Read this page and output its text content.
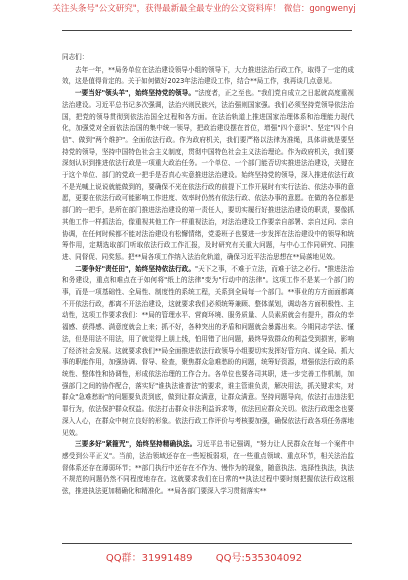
关注头条号"公文研究"，获得最新最全最专业的公文资料库！ 微信：gongwenyj

同志们：

去年一年，**局务单位在法治建设领导小组的领导下，大力推进法治行政工作，取得了一定的成效，这是值得肯定的。关于如何做好2023年法治建设工作，结合**局工作，我再谈几点意见。

一要当好"领头羊"，始终坚持党的领导。"法度者，正之至也。"我们党自成立之日起就高度重视法治建设。习近平总书记多次强调，法治兴则民族兴，法治强则国家强。我们必须坚持党领导依法治国，把党的领导贯彻到依法治国全过程和各方面。在法治轨道上推进国家治理体系和治理能力现代化，加强党对全面依法治国的集中统一领导，把政治建设摆在首位，增强"四个意识"、坚定"四个自信"、做到"两个维护"。全面依法行政。作为政府机关，我们要严格以法律为准绳，具体讲就是要坚持党的领导，坚持中国特色社会主义制度，贯彻中国特色社会主义法治理论。作为政府机关，我们要深刻认识到推进依法行政是一项重大政治任务。一个单位、一个部门能否切实推进法治建设，关键在于这个单位、部门的党政一把手是否真心实意推进法治建设。始终坚持党的领导，深入推进依法行政不是光喊上说说就能做到的，要确保不光在依法行政的前提下工作开展时有实行法治、依法办事的意愿，更要在依法行政可能影响工作进度、效率时仍然有依法行政、依法办事的意愿。在做的各位都是部门的一把手，是所在部门推进法治建设的第一责任人，要切实履行好推进法治建设的职责，要像抓其他工作一样抓法治，像重视其他工作一样重视法治，对法治建设工作要亲自部署、亲自过问、亲自协调，在任何时候都不能对法治建设有松懈情绪，党委班子也要进一步发挥在法治建设中的领导和统筹作用，定期选取部门听取依法行政工作汇报，及时研究有关重大问题，与中心工作同研究、同推进、同督促、同奖惩。把**局各项工作纳入法治化轨道，确保习近平法治思想在**局落地见效。

二要争好"责任田"，始终坚持依法行政。"天下之事，不难于立法，而难于法之必行。"推进法治和务建设，重点和难点在于如何将"纸上的法律"变为"行动中的法律"。这项工作不是某一个部门的事，而是一项基础性、全局性、制度性的系统工程，关系到全局每一个部门。**事业的方方面面都离不开依法行政，都离不开法治建设，这就要求我们必须统筹兼顾、整体谋划，调动各方面积极性、主动性，这项工作要求我们：**局的管理水平、营商环境、服务质量、人员素质就会有提升，群众的幸福感、获得感、满意度就会上来；抓不好，各种突出的矛盾和问题就会暴露出来。今期同志学法、懂法，但是用法不用法，用了就觉得上朋上线，怕用错了出问题，最终导致群众的利益受到损害，影响了经济社会发展。这就要求我们**局全面推进依法行政领导小组要切实发挥好管方向、谋全局、抓大事的职能作用，加强协调、督导、检查，聚焦群众急难愁盼的问题，统筹好资源，增强依法行政的系统性、整体性和协调性，形成依法治理的工作合力。各单位也要各司其职，进一步完善工作机制，加强部门之间的协作配合，落实好"谁执法谁普法"的要求，谁主管谁负责，解决用法，抓关键求实，对群众"急难愁盼"的问题要负责到底，做到让群众满意，让群众满意。坚持问题导向，依法打击违法犯罪行为，依法保护群众权益。依法打击群众非法利益诉求等，依法回应群众关切。依法行政理念也要深入人心，在群众中树立良好的形象。依法行政工作评价与考核要加强，确保依法行政各项任务落地见效。

三要多好"紧箍咒"，始终坚持精确执法。习近平总书记强调，"努力让人民群众在每一个案件中感受到公平正义"。当前，法治领域还存在一些短板弱项，在一些重点领域、重点环节，相关法治监督体系还存在薄弱环节；**部门执行中还存在不作为、慢作为的现象，随意执法、选择性执法，执法不规范的问题仍然不同程度地存在。这就要求我们在日常的**执法过程中要时刻把握依法行政这根弦，推进执法更加精确化和精准化。**局各部门要深入学习贯彻落实**

QQ群：31991489 QQ号:535304092
